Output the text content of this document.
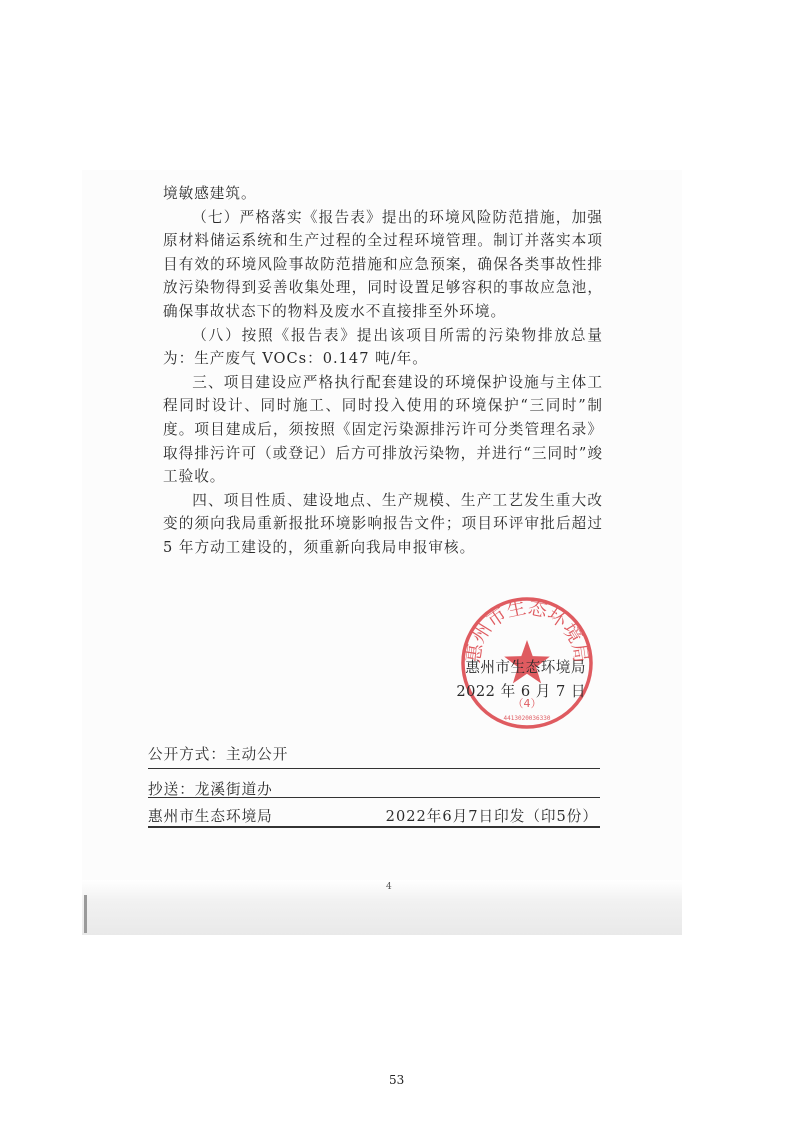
境敏感建筑。

（七）严格落实《报告表》提出的环境风险防范措施，加强原材料储运系统和生产过程的全过程环境管理。制订并落实本项目有效的环境风险事故防范措施和应急预案，确保各类事故性排放污染物得到妥善收集处理，同时设置足够容积的事故应急池，确保事故状态下的物料及废水不直接排至外环境。

（八）按照《报告表》提出该项目所需的污染物排放总量为：生产废气 VOCs：0.147 吨/年。

三、项目建设应严格执行配套建设的环境保护设施与主体工程同时设计、同时施工、同时投入使用的环境保护“三同时”制度。项目建成后，须按照《固定污染源排污许可分类管理名录》取得排污许可（或登记）后方可排放污染物，并进行“三同时”竣工验收。

四、项目性质、建设地点、生产规模、生产工艺发生重大改变的须向我局重新报批环境影响报告文件；项目环评审批后超过 5 年方动工建设的，须重新向我局申报审核。

惠州市生态环境局
（4）
4413020036330
惠州市生态环境局
2022 年 6 月 7 日
公开方式：主动公开
抄送：龙溪街道办
惠州市生态环境局	2022年6月7日印发（印5份）
4
53
